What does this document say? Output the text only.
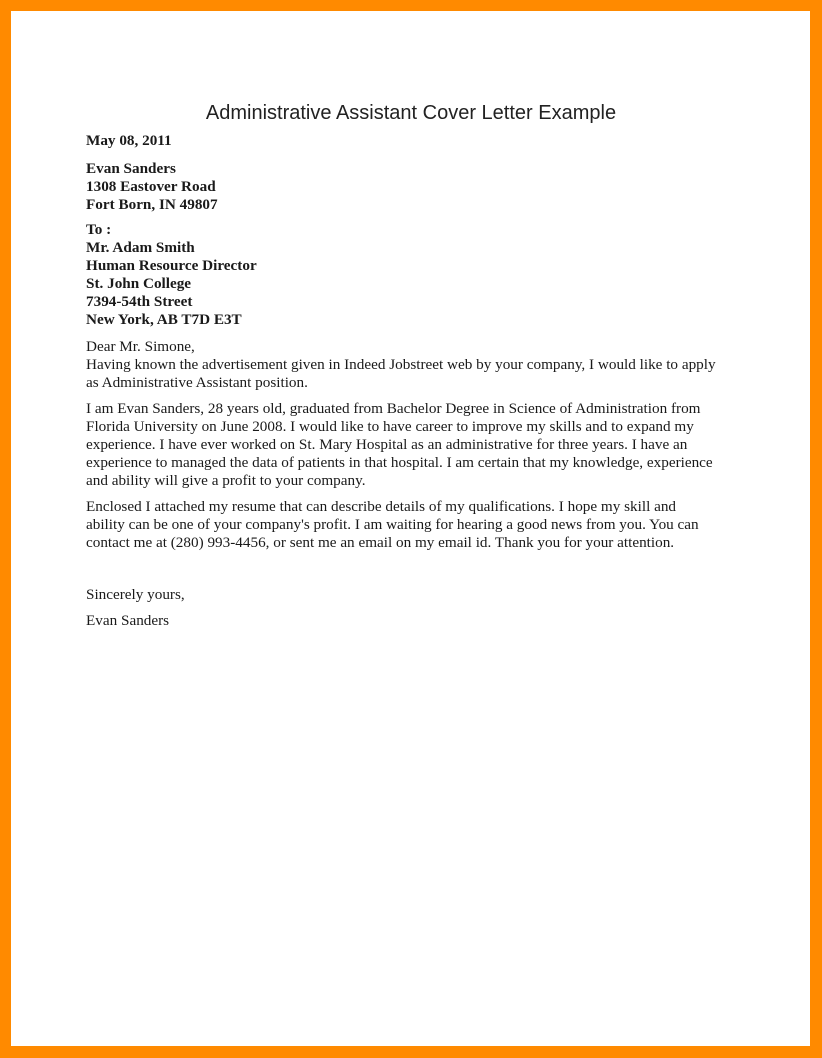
Administrative Assistant Cover Letter Example
May 08, 2011
Evan Sanders
1308 Eastover Road
Fort Born, IN 49807
To :
Mr. Adam Smith
Human Resource Director
St. John College
7394-54th Street
New York, AB T7D E3T
Dear Mr. Simone,
Having known the advertisement given in Indeed Jobstreet web by your company, I would like to apply
as Administrative Assistant position.
I am Evan Sanders, 28 years old, graduated from Bachelor Degree in Science of Administration from
Florida University on June 2008. I would like to have career to improve my skills and to expand my
experience. I have ever worked on St. Mary Hospital as an administrative for three years. I have an
experience to managed the data of patients in that hospital. I am certain that my knowledge, experience
and ability will give a profit to your company.
Enclosed I attached my resume that can describe details of my qualifications. I hope my skill and
ability can be one of your company's profit. I am waiting for hearing a good news from you. You can
contact me at (280) 993-4456, or sent me an email on my email id. Thank you for your attention.
Sincerely yours,
Evan Sanders
